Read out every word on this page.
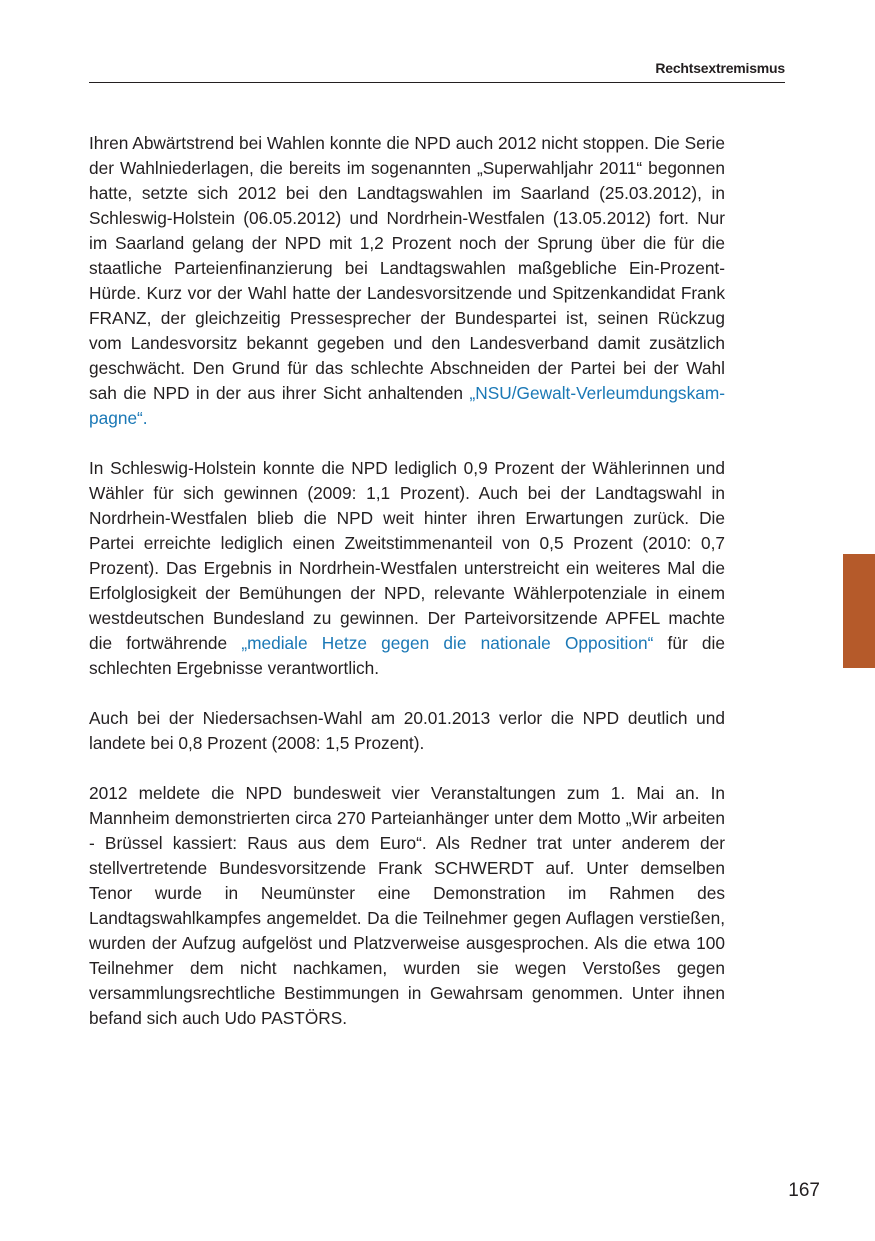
Rechtsextremismus

Ihren Abwärtstrend bei Wahlen konnte die NPD auch 2012 nicht stoppen. Die Serie der Wahlniederlagen, die bereits im sogenannten „Superwahljahr 2011“ begonnen hatte, setzte sich 2012 bei den Landtagswahlen im Saarland (25.03.2012), in Schleswig-Holstein (06.05.2012) und Nordrhein-Westfalen (13.05.2012) fort. Nur im Saarland gelang der NPD mit 1,2 Prozent noch der Sprung über die für die staatliche Parteienfinanzierung bei Landtagswahlen maßgebliche Ein-Prozent-Hürde. Kurz vor der Wahl hatte der Landesvorsitzende und Spitzenkandidat Frank FRANZ, der gleichzeitig Pressesprecher der Bundespartei ist, seinen Rückzug vom Landesvorsitz bekannt gegeben und den Landesverband damit zusätzlich geschwächt. Den Grund für das schlechte Abschneiden der Partei bei der Wahl sah die NPD in der aus ihrer Sicht anhaltenden „NSU/Gewalt-Verleumdungskampagne“.

In Schleswig-Holstein konnte die NPD lediglich 0,9 Prozent der Wählerinnen und Wähler für sich gewinnen (2009: 1,1 Prozent). Auch bei der Landtagswahl in Nordrhein-Westfalen blieb die NPD weit hinter ihren Erwartungen zurück. Die Partei erreichte lediglich einen Zweitstimmenanteil von 0,5 Prozent (2010: 0,7 Prozent). Das Ergebnis in Nordrhein-Westfalen unterstreicht ein weiteres Mal die Erfolglosigkeit der Bemühungen der NPD, relevante Wählerpotenziale in einem westdeutschen Bundesland zu gewinnen. Der Parteivorsitzende APFEL machte die fortwährende „mediale Hetze gegen die nationale Opposition“ für die schlechten Ergebnisse verantwortlich.

Auch bei der Niedersachsen-Wahl am 20.01.2013 verlor die NPD deutlich und landete bei 0,8 Prozent (2008: 1,5 Prozent).

2012 meldete die NPD bundesweit vier Veranstaltungen zum 1. Mai an. In Mannheim demonstrierten circa 270 Parteianhänger unter dem Motto „Wir arbeiten - Brüssel kassiert: Raus aus dem Euro“. Als Redner trat unter anderem der stellvertretende Bundesvorsitzende Frank SCHWERDT auf. Unter demselben Tenor wurde in Neumünster eine Demonstration im Rahmen des Landtagswahlkampfes angemeldet. Da die Teilnehmer gegen Auflagen verstießen, wurden der Aufzug aufgelöst und Platzverweise ausgesprochen. Als die etwa 100 Teilnehmer dem nicht nachkamen, wurden sie wegen Verstoßes gegen versammlungsrechtliche Bestimmungen in Gewahrsam genommen. Unter ihnen befand sich auch Udo PASTÖRS.

167
